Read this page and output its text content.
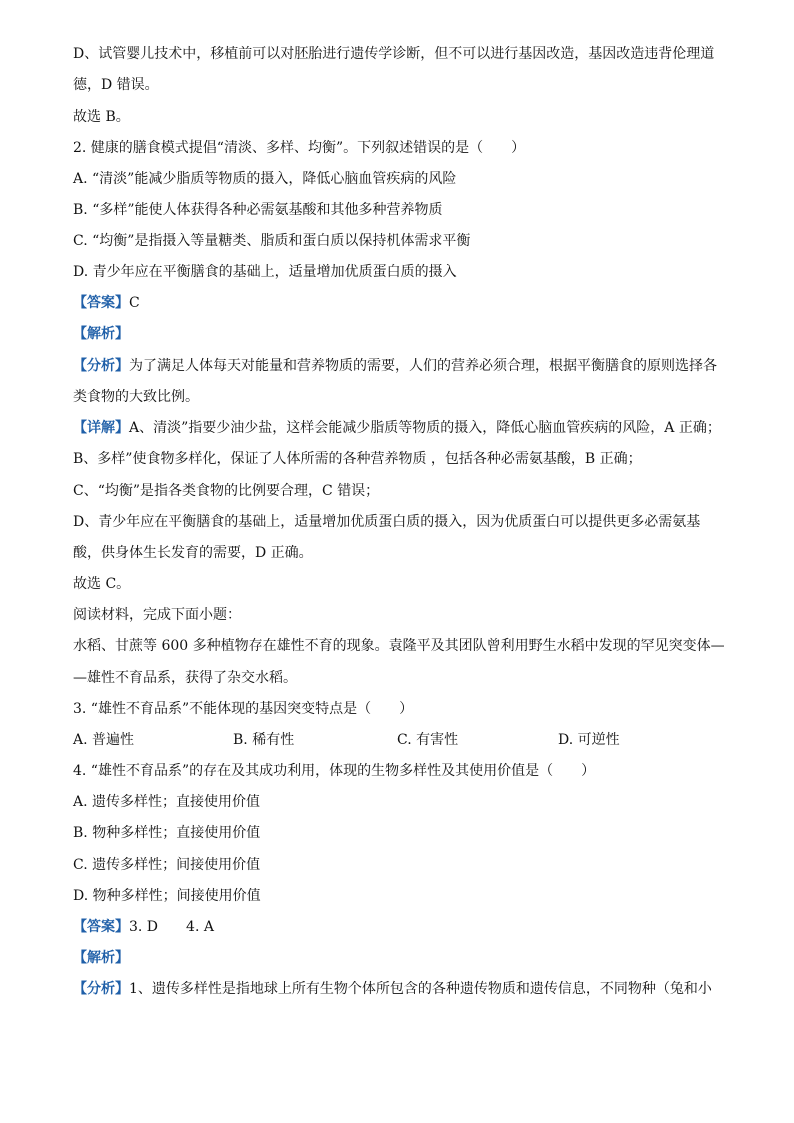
D、试管婴儿技术中，移植前可以对胚胎进行遗传学诊断，但不可以进行基因改造，基因改造违背伦理道
德，D 错误。
故选 B。
2. 健康的膳食模式提倡“清淡、多样、均衡”。下列叙述错误的是（　　）
A. “清淡”能减少脂质等物质的摄入，降低心脑血管疾病的风险
B. “多样”能使人体获得各种必需氨基酸和其他多种营养物质
C. “均衡”是指摄入等量糖类、脂质和蛋白质以保持机体需求平衡
D. 青少年应在平衡膳食的基础上，适量增加优质蛋白质的摄入
【答案】C
【解析】
【分析】为了满足人体每天对能量和营养物质的需要，人们的营养必须合理，根据平衡膳食的原则选择各
类食物的大致比例。
【详解】A、清淡”指要少油少盐，这样会能减少脂质等物质的摄入，降低心脑血管疾病的风险，A 正确；
B、多样”使食物多样化，保证了人体所需的各种营养物质 ，包括各种必需氨基酸，B 正确；
C、“均衡”是指各类食物的比例要合理，C 错误；
D、青少年应在平衡膳食的基础上，适量增加优质蛋白质的摄入，因为优质蛋白可以提供更多必需氨基
酸，供身体生长发育的需要，D 正确。
故选 C。
阅读材料，完成下面小题：
水稻、甘蔗等 600 多种植物存在雄性不育的现象。袁隆平及其团队曾利用野生水稻中发现的罕见突变体—
—雄性不育品系，获得了杂交水稻。
3. “雄性不育品系”不能体现的基因突变特点是（　　）
A. 普遍性	B. 稀有性	C. 有害性	D. 可逆性
4. “雄性不育品系”的存在及其成功利用，体现的生物多样性及其使用价值是（　　）
A. 遗传多样性；直接使用价值
B. 物种多样性；直接使用价值
C. 遗传多样性；间接使用价值
D. 物种多样性；间接使用价值
【答案】3. D　　4. A
【解析】
【分析】1、遗传多样性是指地球上所有生物个体所包含的各种遗传物质和遗传信息，不同物种（兔和小
